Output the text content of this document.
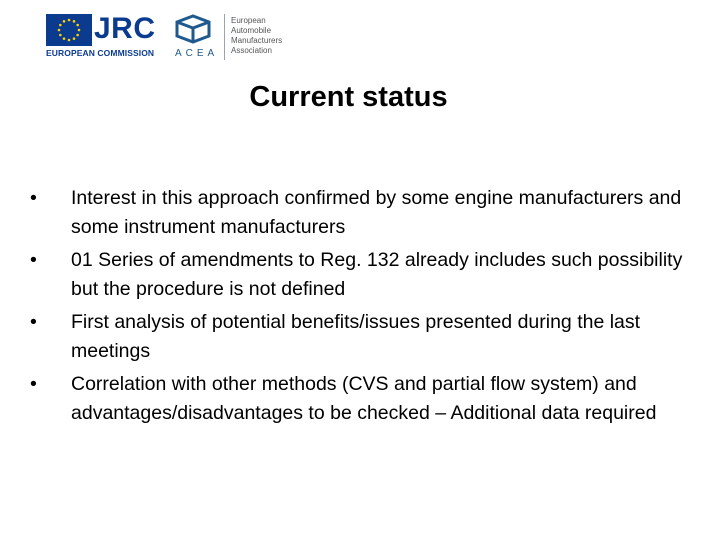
JRC
EUROPEAN COMMISSION ACEA
European
Automobile
Manufacturers
Association
Current status
• Interest in this approach confirmed by some engine manufacturers and some instrument manufacturers
• 01 Series of amendments to Reg. 132 already includes such possibility but the procedure is not defined
• First analysis of potential benefits/issues presented during the last meetings
• Correlation with other methods (CVS and partial flow system) and advantages/disadvantages to be checked – Additional data required
